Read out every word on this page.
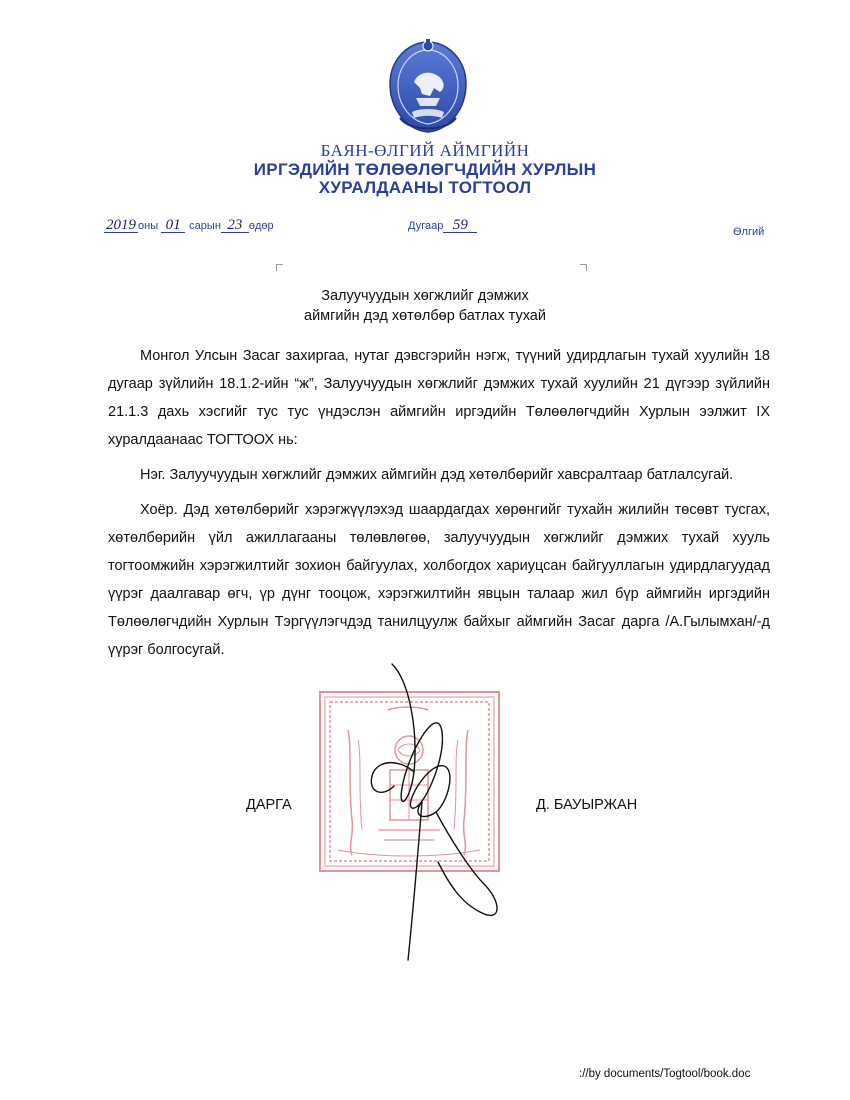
БАЯН-ӨЛГИЙ АЙМГИЙН
ИРГЭДИЙН ТӨЛӨӨЛӨГЧДИЙН ХУРЛЫН
ХУРАЛДААНЫ ТОГТООЛ
2019 оны 01 сарын 23 өдөр	Дугаар 59	Өлгий
Залуучуудын хөгжлийг дэмжих
аймгийн дэд хөтөлбөр батлах тухай

Монгол Улсын Засаг захиргаа, нутаг дэвсгэрийн нэгж, түүний удирдлагын тухай хуулийн 18 дугаар зүйлийн 18.1.2-ийн “ж”, Залуучуудын хөгжлийг дэмжих тухай хуулийн 21 дүгээр зүйлийн 21.1.3 дахь хэсгийг тус тус үндэслэн аймгийн иргэдийн Төлөөлөгчдийн Хурлын ээлжит IX хуралдаанаас ТОГТООХ нь:

Нэг. Залуучуудын хөгжлийг дэмжих аймгийн дэд хөтөлбөрийг хавсралтаар батлалсугай.

Хоёр. Дэд хөтөлбөрийг хэрэгжүүлэхэд шаардагдах хөрөнгийг тухайн жилийн төсөвт тусгах, хөтөлбөрийн үйл ажиллагааны төлөвлөгөө, залуучуудын хөгжлийг дэмжих тухай хууль тогтоомжийн хэрэгжилтийг зохион байгуулах, холбогдох хариуцсан байгууллагын удирдлагуудад үүрэг даалгавар өгч, үр дүнг тооцож, хэрэгжилтийн явцын талаар жил бүр аймгийн иргэдийн Төлөөлөгчдийн Хурлын Тэргүүлэгчдэд танилцуулж байхыг аймгийн Засаг дарга /А.Гылымхан/-д үүрэг болгосугай.

ДАРГА	Д. БАУЫРЖАН
://by documents/Togtool/book.doc
